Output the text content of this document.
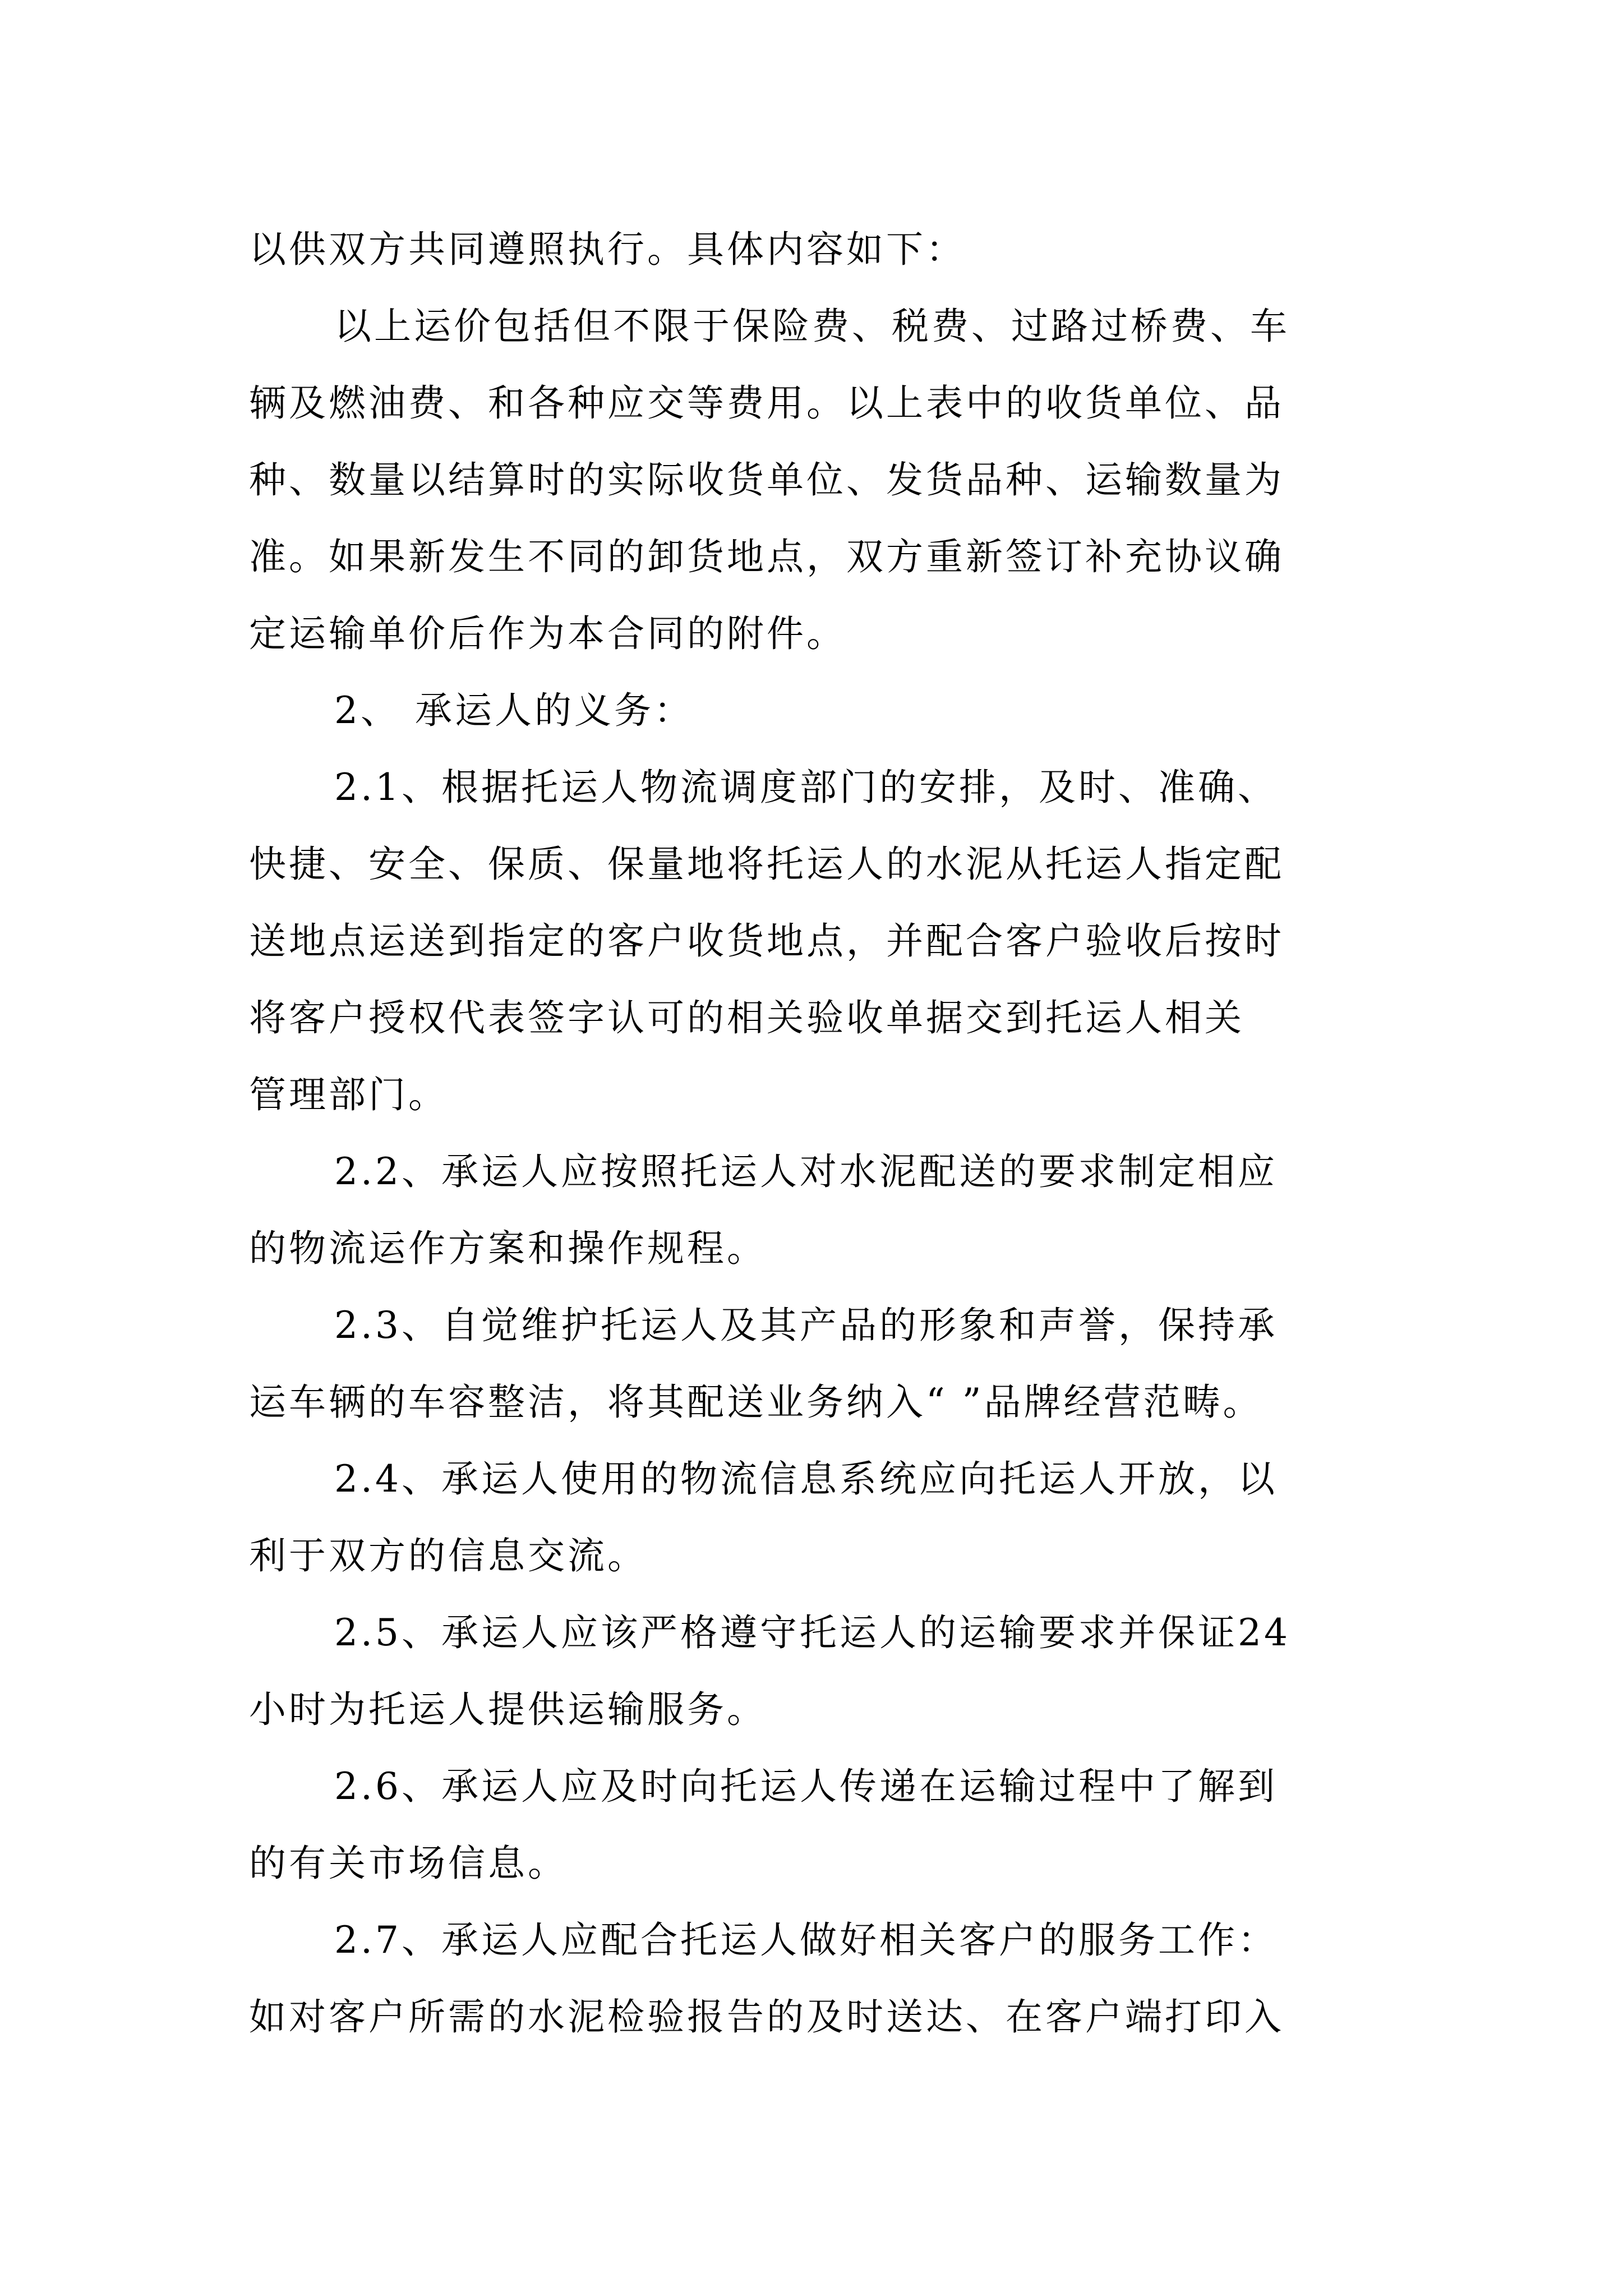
以供双方共同遵照执行。具体内容如下：
以上运价包括但不限于保险费、税费、过路过桥费、车
辆及燃油费、和各种应交等费用。以上表中的收货单位、品
种、数量以结算时的实际收货单位、发货品种、运输数量为
准。如果新发生不同的卸货地点，双方重新签订补充协议确
定运输单价后作为本合同的附件。
2、 承运人的义务：
2.1、根据托运人物流调度部门的安排，及时、准确、
快捷、安全、保质、保量地将托运人的水泥从托运人指定配
送地点运送到指定的客户收货地点，并配合客户验收后按时
将客户授权代表签字认可的相关验收单据交到托运人相关
管理部门。
2.2、承运人应按照托运人对水泥配送的要求制定相应
的物流运作方案和操作规程。
2.3、自觉维护托运人及其产品的形象和声誉，保持承
运车辆的车容整洁，将其配送业务纳入“ ”品牌经营范畴。
2.4、承运人使用的物流信息系统应向托运人开放，以
利于双方的信息交流。
2.5、承运人应该严格遵守托运人的运输要求并保证24
小时为托运人提供运输服务。
2.6、承运人应及时向托运人传递在运输过程中了解到
的有关市场信息。
2.7、承运人应配合托运人做好相关客户的服务工作：
如对客户所需的水泥检验报告的及时送达、在客户端打印入
